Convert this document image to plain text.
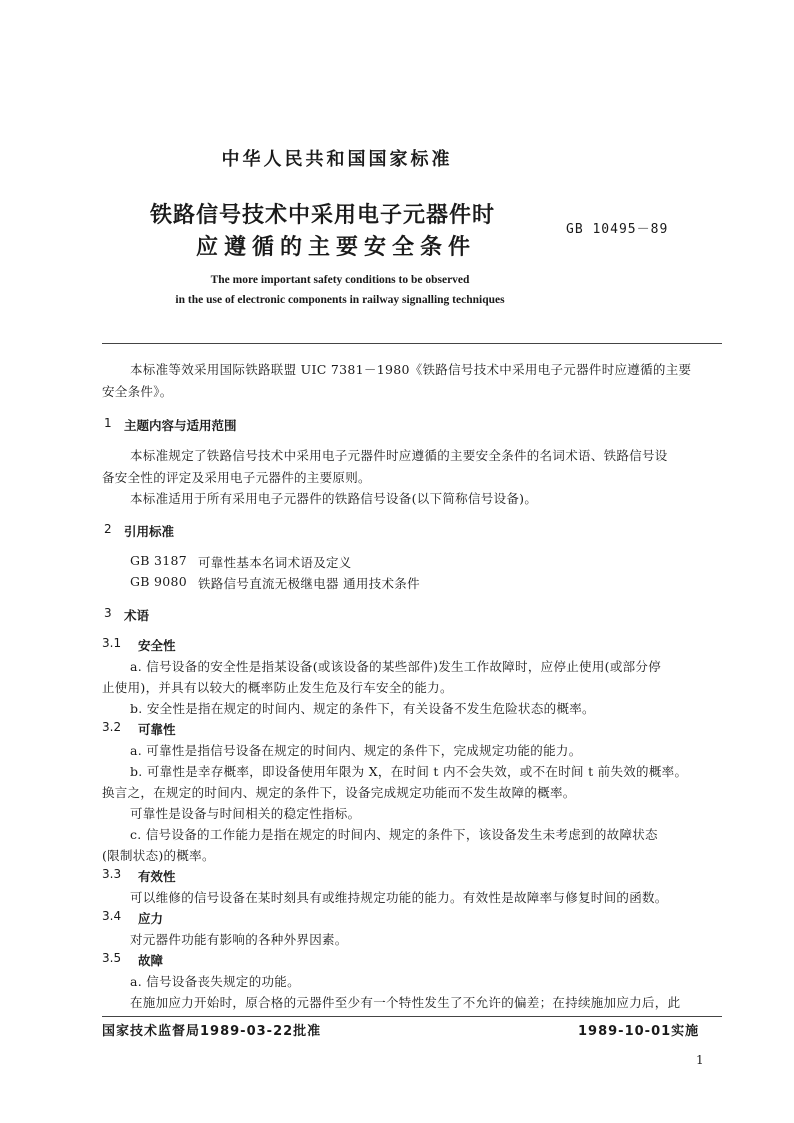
中华人民共和国国家标准
铁路信号技术中采用电子元器件时
应遵循的主要安全条件
GB 10495－89
The more important safety conditions to be observed
in the use of electronic components in railway signalling techniques
本标准等效采用国际铁路联盟 UIC 7381－1980《铁路信号技术中采用电子元器件时应遵循的主要
安全条件》。
1 主题内容与适用范围
本标准规定了铁路信号技术中采用电子元器件时应遵循的主要安全条件的名词术语、铁路信号设
备安全性的评定及采用电子元器件的主要原则。
本标准适用于所有采用电子元器件的铁路信号设备(以下简称信号设备)。
2 引用标准
GB 3187 可靠性基本名词术语及定义
GB 9080 铁路信号直流无极继电器 通用技术条件
3 术语
3.1 安全性
a. 信号设备的安全性是指某设备(或该设备的某些部件)发生工作故障时，应停止使用(或部分停
止使用)，并具有以较大的概率防止发生危及行车安全的能力。
b. 安全性是指在规定的时间内、规定的条件下，有关设备不发生危险状态的概率。
3.2 可靠性
a. 可靠性是指信号设备在规定的时间内、规定的条件下，完成规定功能的能力。
b. 可靠性是幸存概率，即设备使用年限为 X，在时间 t 内不会失效，或不在时间 t 前失效的概率。
换言之，在规定的时间内、规定的条件下，设备完成规定功能而不发生故障的概率。
可靠性是设备与时间相关的稳定性指标。
c. 信号设备的工作能力是指在规定的时间内、规定的条件下，该设备发生未考虑到的故障状态
(限制状态)的概率。
3.3 有效性
可以维修的信号设备在某时刻具有或维持规定功能的能力。有效性是故障率与修复时间的函数。
3.4 应力
对元器件功能有影响的各种外界因素。
3.5 故障
a. 信号设备丧失规定的功能。
在施加应力开始时，原合格的元器件至少有一个特性发生了不允许的偏差；在持续施加应力后，此
国家技术监督局1989-03-22批准	1989-10-01实施
1
